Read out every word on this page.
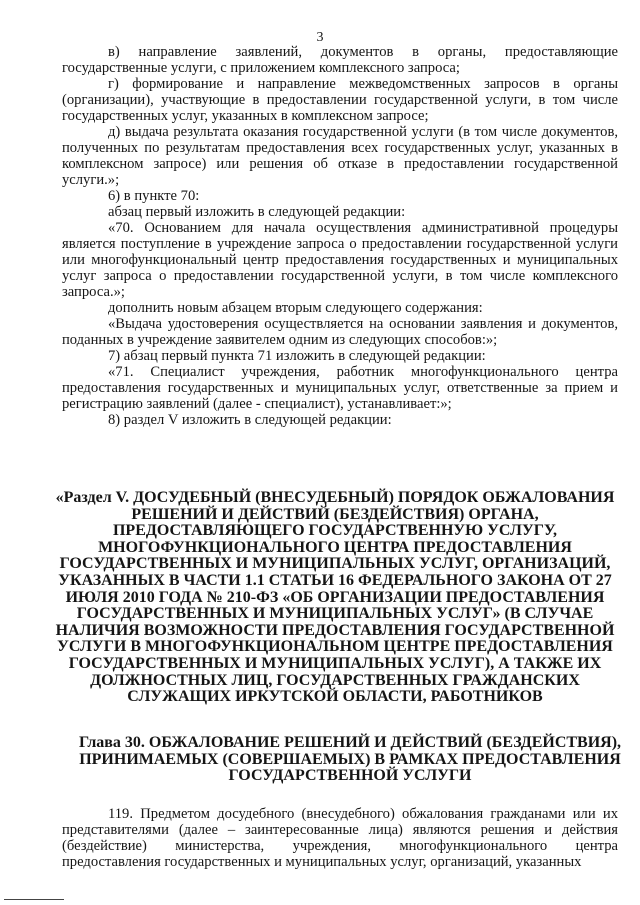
3

в) направление заявлений, документов в органы, предоставляющие государственные услуги, с приложением комплексного запроса;

г) формирование и направление межведомственных запросов в органы (организации), участвующие в предоставлении государственной услуги, в том числе государственных услуг, указанных в комплексном запросе;

д) выдача результата оказания государственной услуги (в том числе документов, полученных по результатам предоставления всех государственных услуг, указанных в комплексном запросе) или решения об отказе в предоставлении государственной услуги.»;

6) в пункте 70:

абзац первый изложить в следующей редакции:

«70. Основанием для начала осуществления административной процедуры является поступление в учреждение запроса о предоставлении государственной услуги или многофункциональный центр предоставления государственных и муниципальных услуг запроса о предоставлении государственной услуги, в том числе комплексного запроса.»;

дополнить новым абзацем вторым следующего содержания:

«Выдача удостоверения осуществляется на основании заявления и документов, поданных в учреждение заявителем одним из следующих способов:»;

7) абзац первый пункта 71 изложить в следующей редакции:

«71. Специалист учреждения, работник многофункционального центра предоставления государственных и муниципальных услуг, ответственные за прием и регистрацию заявлений (далее - специалист), устанавливает:»;

8) раздел V изложить в следующей редакции:

«Раздел V. ДОСУДЕБНЫЙ (ВНЕСУДЕБНЫЙ) ПОРЯДОК ОБЖАЛОВАНИЯ РЕШЕНИЙ И ДЕЙСТВИЙ (БЕЗДЕЙСТВИЯ) ОРГАНА, ПРЕДОСТАВЛЯЮЩЕГО ГОСУДАРСТВЕННУЮ УСЛУГУ, МНОГОФУНКЦИОНАЛЬНОГО ЦЕНТРА ПРЕДОСТАВЛЕНИЯ ГОСУДАРСТВЕННЫХ И МУНИЦИПАЛЬНЫХ УСЛУГ, ОРГАНИЗАЦИЙ, УКАЗАННЫХ В ЧАСТИ 1.1 СТАТЬИ 16 ФЕДЕРАЛЬНОГО ЗАКОНА ОТ 27 ИЮЛЯ 2010 ГОДА № 210-ФЗ «ОБ ОРГАНИЗАЦИИ ПРЕДОСТАВЛЕНИЯ ГОСУДАРСТВЕННЫХ И МУНИЦИПАЛЬНЫХ УСЛУГ» (В СЛУЧАЕ НАЛИЧИЯ ВОЗМОЖНОСТИ ПРЕДОСТАВЛЕНИЯ ГОСУДАРСТВЕННОЙ УСЛУГИ В МНОГОФУНКЦИОНАЛЬНОМ ЦЕНТРЕ ПРЕДОСТАВЛЕНИЯ ГОСУДАРСТВЕННЫХ И МУНИЦИПАЛЬНЫХ УСЛУГ), А ТАКЖЕ ИХ ДОЛЖНОСТНЫХ ЛИЦ, ГОСУДАРСТВЕННЫХ ГРАЖДАНСКИХ СЛУЖАЩИХ ИРКУТСКОЙ ОБЛАСТИ, РАБОТНИКОВ
Глава 30. ОБЖАЛОВАНИЕ РЕШЕНИЙ И ДЕЙСТВИЙ (БЕЗДЕЙСТВИЯ), ПРИНИМАЕМЫХ (СОВЕРШАЕМЫХ) В РАМКАХ ПРЕДОСТАВЛЕНИЯ ГОСУДАРСТВЕННОЙ УСЛУГИ

119. Предметом досудебного (внесудебного) обжалования гражданами или их представителями (далее – заинтересованные лица) являются решения и действия (бездействие) министерства, учреждения, многофункционального центра предоставления государственных и муниципальных услуг, организаций, указанных
